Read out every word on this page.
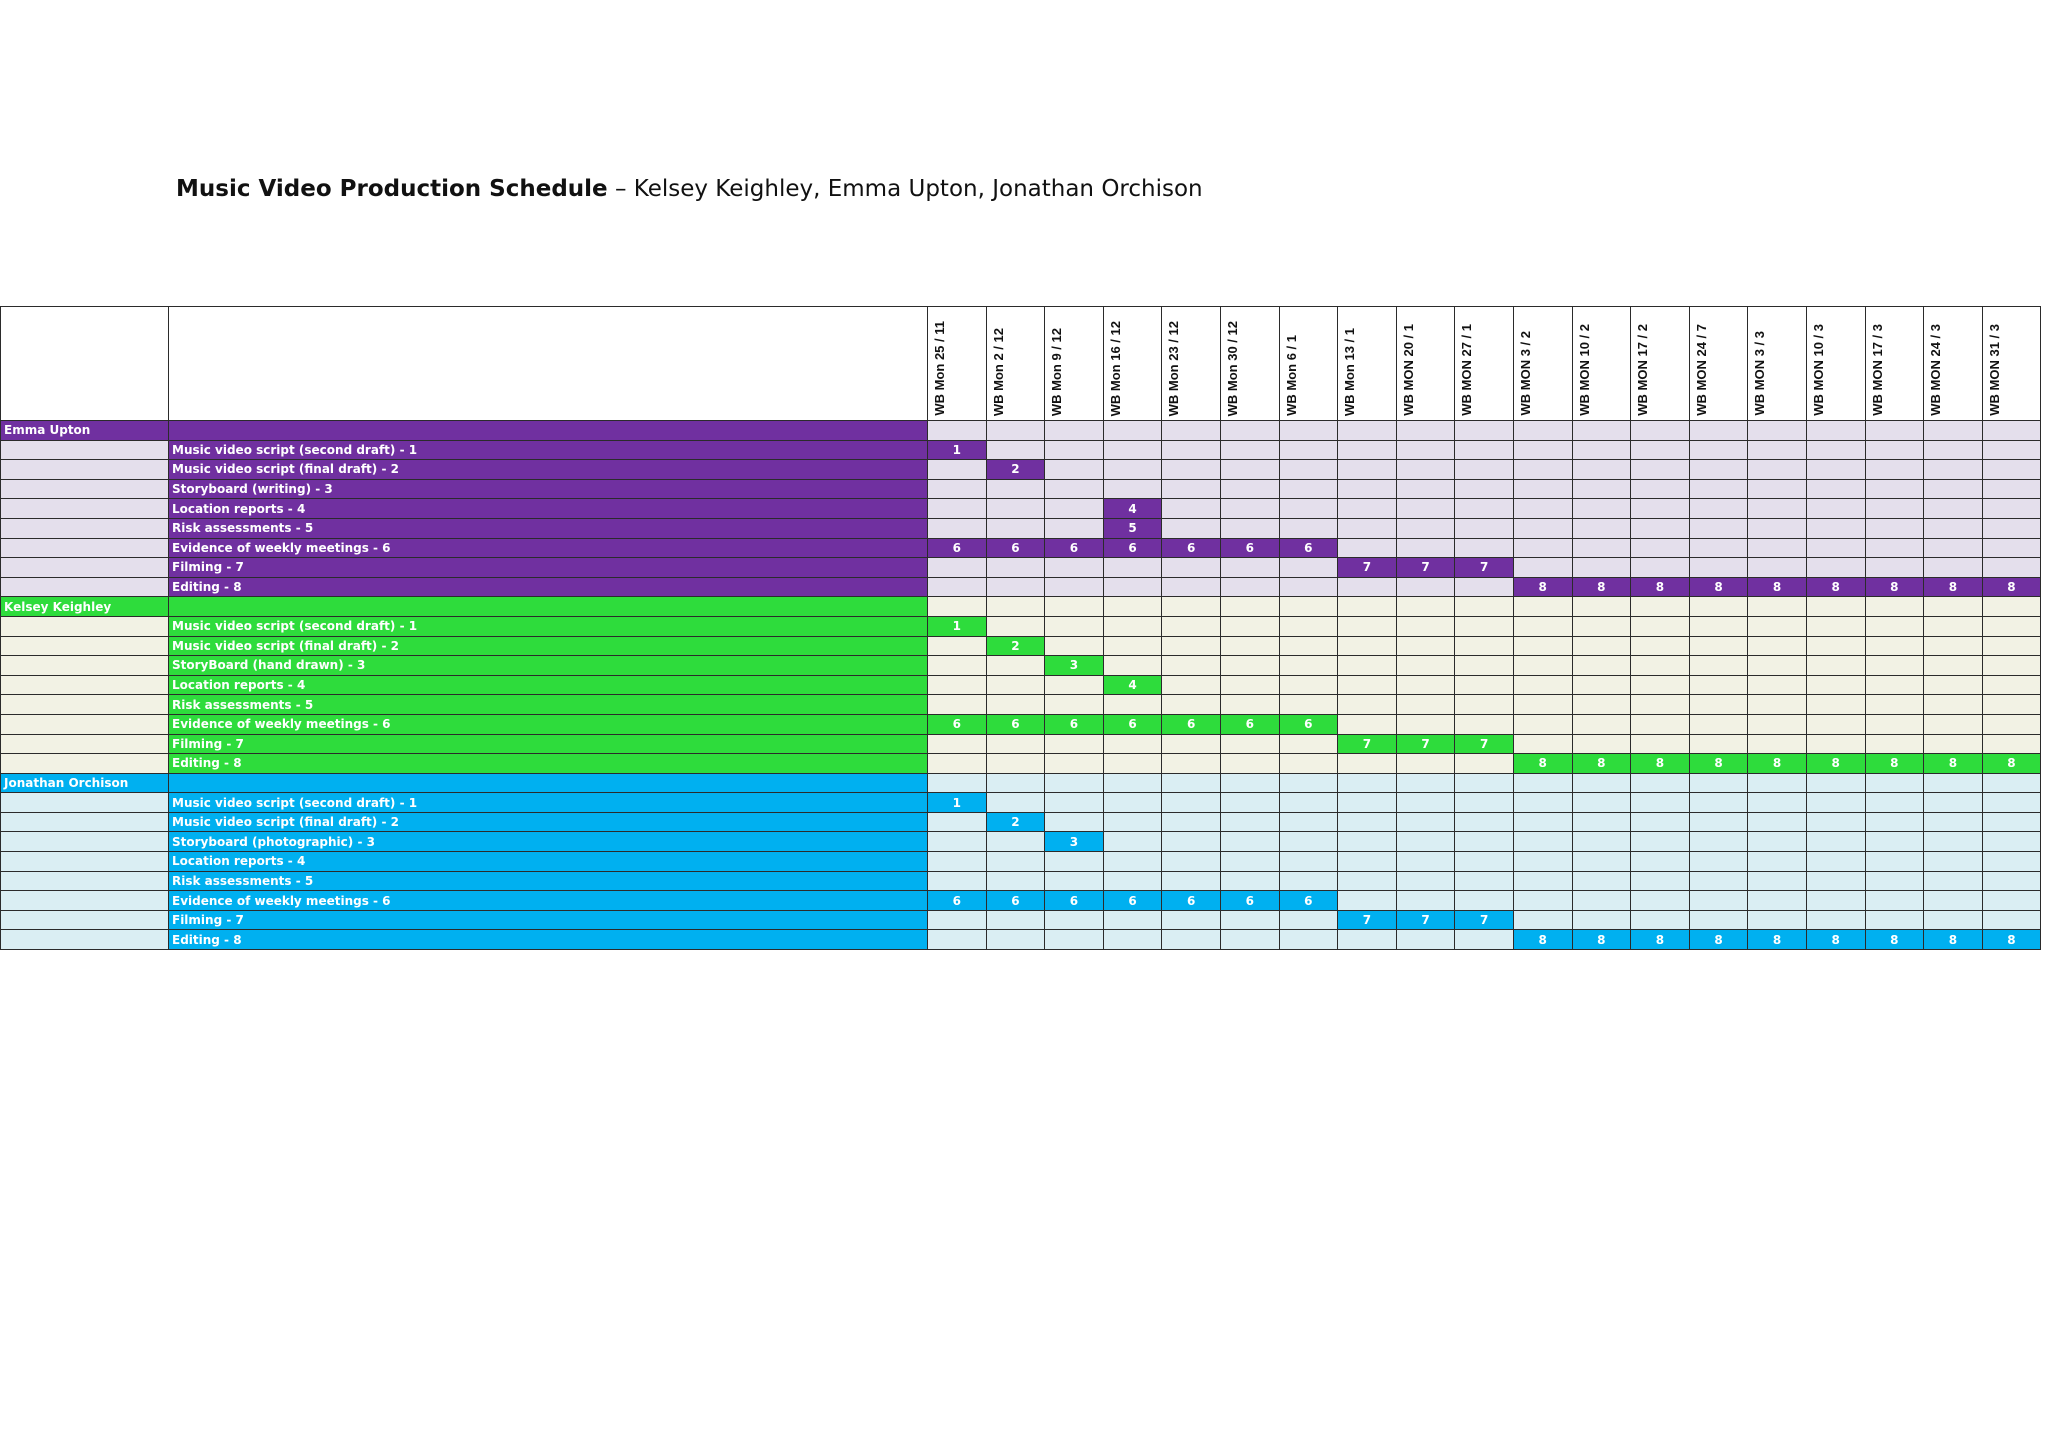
Music Video Production Schedule – Kelsey Keighley, Emma Upton, Jonathan Orchison

		WB Mon 25 / 11	WB Mon 2 / 12	WB Mon 9 / 12	WB Mon 16 / 12	WB Mon 23 / 12	WB Mon 30 / 12	WB Mon 6 / 1	WB Mon 13 / 1	WB MON 20 / 1	WB MON 27 / 1	WB MON 3 / 2	WB MON 10 / 2	WB MON 17 / 2	WB MON 24 / 7	WB MON 3 / 3	WB MON 10 / 3	WB MON 17 / 3	WB MON 24 / 3	WB MON 31 / 3

Emma Upton																				
	Music video script (second draft) - 1	1																		
	Music video script (final draft) - 2		2																	
	Storyboard (writing) - 3																			
	Location reports - 4				4															
	Risk assessments - 5				5															
	Evidence of weekly meetings - 6	6	6	6	6	6	6	6												
	Filming - 7								7	7	7									
	Editing - 8											8	8	8	8	8	8	8	8	8
Kelsey Keighley																				
	Music video script (second draft) - 1	1																		
	Music video script (final draft) - 2		2																	
	StoryBoard (hand drawn) - 3			3																
	Location reports - 4				4															
	Risk assessments - 5																			
	Evidence of weekly meetings - 6	6	6	6	6	6	6	6												
	Filming - 7								7	7	7									
	Editing - 8											8	8	8	8	8	8	8	8	8
Jonathan Orchison																				
	Music video script (second draft) - 1	1																		
	Music video script (final draft) - 2		2																	
	Storyboard (photographic) - 3			3																
	Location reports - 4																			
	Risk assessments - 5																			
	Evidence of weekly meetings - 6	6	6	6	6	6	6	6												
	Filming - 7								7	7	7									
	Editing - 8											8	8	8	8	8	8	8	8	8
